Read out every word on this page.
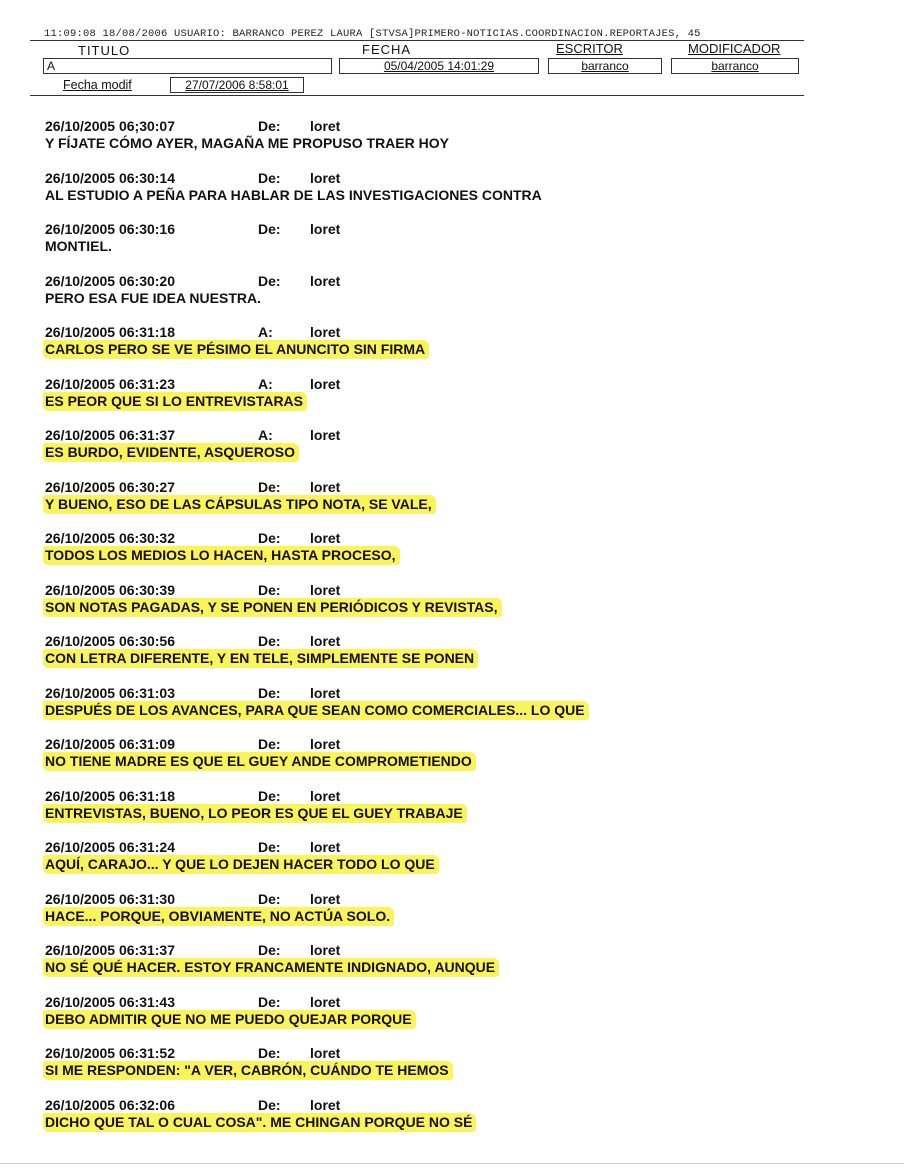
11:09:08 18/08/2006 USUARIO: BARRANCO PEREZ LAURA [STVSA]PRIMERO-NOTICIAS.COORDINACION.REPORTAJES, 45
TITULO	FECHA	ESCRITOR	MODIFICADOR
A	05/04/2005 14:01:29	barranco	barranco
Fecha modif	27/07/2006 8:58:01
26/10/2005 06;30:07	De: loret
Y FÍJATE CÓMO AYER, MAGAÑA ME PROPUSO TRAER HOY
26/10/2005 06:30:14	De: loret
AL ESTUDIO A PEÑA PARA HABLAR DE LAS INVESTIGACIONES CONTRA
26/10/2005 06:30:16	De: loret
MONTIEL.
26/10/2005 06:30:20	De: loret
PERO ESA FUE IDEA NUESTRA.
26/10/2005 06:31:18	A:	loret
CARLOS PERO SE VE PÉSIMO EL ANUNCITO SIN FIRMA
26/10/2005 06:31:23	A:	loret
ES PEOR QUE SI LO ENTREVISTARAS
26/10/2005 06:31:37	A:	loret
ES BURDO, EVIDENTE, ASQUEROSO
26/10/2005 06:30:27	De: loret
Y BUENO, ESO DE LAS CÁPSULAS TIPO NOTA, SE VALE,
26/10/2005 06:30:32	De: loret
TODOS LOS MEDIOS LO HACEN, HASTA PROCESO,
26/10/2005 06:30:39	De: loret
SON NOTAS PAGADAS, Y SE PONEN EN PERIÓDICOS Y REVISTAS,
26/10/2005 06:30:56	De: loret
CON LETRA DIFERENTE, Y EN TELE, SIMPLEMENTE SE PONEN
26/10/2005 06:31:03	De: loret
DESPUÉS DE LOS AVANCES, PARA QUE SEAN COMO COMERCIALES... LO QUE
26/10/2005 06:31:09	De: loret
NO TIENE MADRE ES QUE EL GUEY ANDE COMPROMETIENDO
26/10/2005 06:31:18	De: loret
ENTREVISTAS, BUENO, LO PEOR ES QUE EL GUEY TRABAJE
26/10/2005 06:31:24	De: loret
AQUÍ, CARAJO... Y QUE LO DEJEN HACER TODO LO QUE
26/10/2005 06:31:30	De: loret
HACE... PORQUE, OBVIAMENTE, NO ACTÚA SOLO.
26/10/2005 06:31:37	De: loret
NO SÉ QUÉ HACER. ESTOY FRANCAMENTE INDIGNADO, AUNQUE
26/10/2005 06:31:43	De: loret
DEBO ADMITIR QUE NO ME PUEDO QUEJAR PORQUE
26/10/2005 06:31:52	De: loret
SI ME RESPONDEN: "A VER, CABRÓN, CUÁNDO TE HEMOS
26/10/2005 06:32:06	De: loret
DICHO QUE TAL O CUAL COSA". ME CHINGAN PORQUE NO SÉ
